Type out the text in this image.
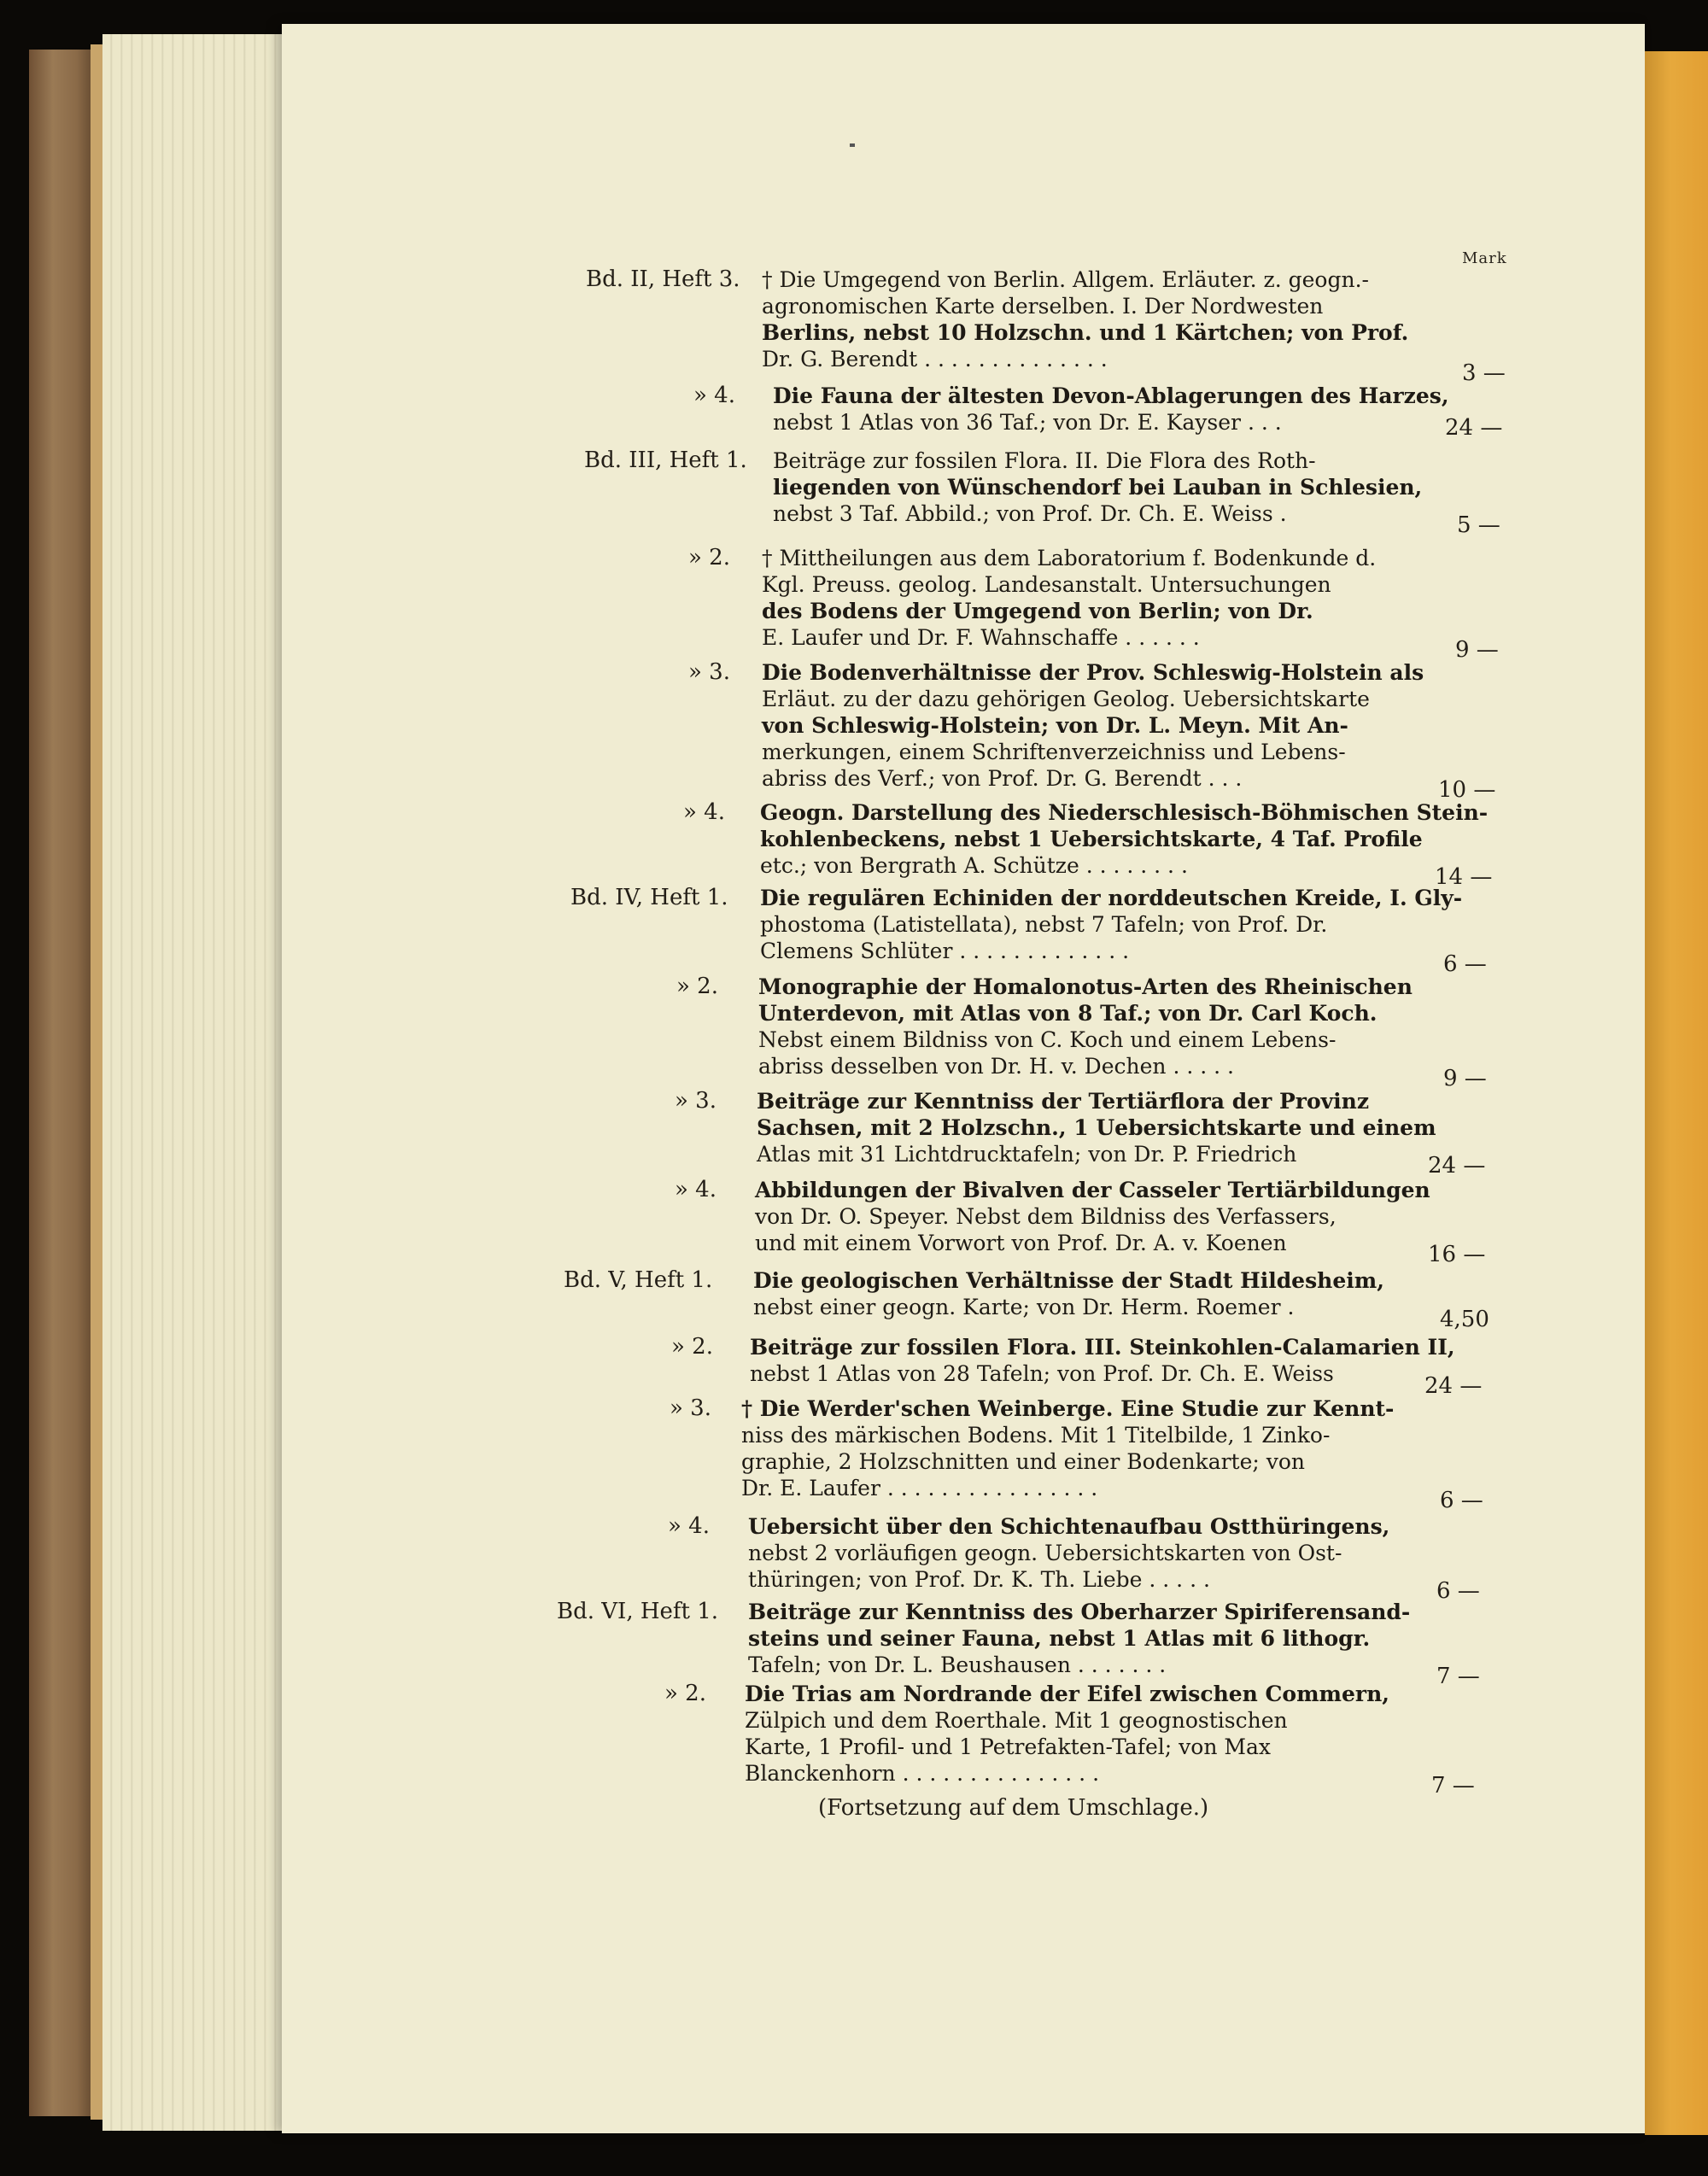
Mark
Bd. II, Heft 3. † Die Umgegend von Berlin. Allgem. Erläuter. z. geogn.-
agronomischen Karte derselben. I. Der Nordwesten
Berlins, nebst 10 Holzschn. und 1 Kärtchen; von Prof.
Dr. G. Berendt . . . . . . . . . . . . . .
3 —
» 4. Die Fauna der ältesten Devon-Ablagerungen des Harzes,
nebst 1 Atlas von 36 Taf.; von Dr. E. Kayser . . .	24 —
Bd. III, Heft 1. Beiträge zur fossilen Flora. II. Die Flora des Roth-
liegenden von Wünschendorf bei Lauban in Schlesien,
nebst 3 Taf. Abbild.; von Prof. Dr. Ch. E. Weiss .	5 —
» 2. † Mittheilungen aus dem Laboratorium f. Bodenkunde d.
Kgl. Preuss. geolog. Landesanstalt. Untersuchungen
des Bodens der Umgegend von Berlin; von Dr.
E. Laufer und Dr. F. Wahnschaffe . . . . . .	9 —
» 3. Die Bodenverhältnisse der Prov. Schleswig-Holstein als
Erläut. zu der dazu gehörigen Geolog. Uebersichtskarte
von Schleswig-Holstein; von Dr. L. Meyn. Mit An-
merkungen, einem Schriftenverzeichniss und Lebens-
abriss des Verf.; von Prof. Dr. G. Berendt . . .	10 —
» 4. Geogn. Darstellung des Niederschlesisch-Böhmischen Stein-
kohlenbeckens, nebst 1 Uebersichtskarte, 4 Taf. Profile
etc.; von Bergrath A. Schütze . . . . . . . .	14 —
Bd. IV, Heft 1. Die regulären Echiniden der norddeutschen Kreide, I. Gly-
phostoma (Latistellata), nebst 7 Tafeln; von Prof. Dr.
Clemens Schlüter . . . . . . . . . . . . .
6 —
» 2. Monographie der Homalonotus-Arten des Rheinischen
Unterdevon, mit Atlas von 8 Taf.; von Dr. Carl Koch.
Nebst einem Bildniss von C. Koch und einem Lebens-
abriss desselben von Dr. H. v. Dechen . . . . .	9 —
» 3. Beiträge zur Kenntniss der Tertiärflora der Provinz
Sachsen, mit 2 Holzschn., 1 Uebersichtskarte und einem
Atlas mit 31 Lichtdrucktafeln; von Dr. P. Friedrich	24 —
» 4. Abbildungen der Bivalven der Casseler Tertiärbildungen
von Dr. O. Speyer. Nebst dem Bildniss des Verfassers,
und mit einem Vorwort von Prof. Dr. A. v. Koenen	16 —
Bd. V, Heft 1. Die geologischen Verhältnisse der Stadt Hildesheim,
nebst einer geogn. Karte; von Dr. Herm. Roemer .	4,50
» 2. Beiträge zur fossilen Flora. III. Steinkohlen-Calamarien II,
nebst 1 Atlas von 28 Tafeln; von Prof. Dr. Ch. E. Weiss	24 —
» 3. † Die Werder'schen Weinberge. Eine Studie zur Kennt-
niss des märkischen Bodens. Mit 1 Titelbilde, 1 Zinko-
graphie, 2 Holzschnitten und einer Bodenkarte; von
Dr. E. Laufer . . . . . . . . . . . . . . . .	6 —
» 4. Uebersicht über den Schichtenaufbau Ostthüringens,
nebst 2 vorläufigen geogn. Uebersichtskarten von Ost-
thüringen; von Prof. Dr. K. Th. Liebe . . . . .	6 —
Bd. VI, Heft 1. Beiträge zur Kenntniss des Oberharzer Spiriferensand-
steins und seiner Fauna, nebst 1 Atlas mit 6 lithogr.
Tafeln; von Dr. L. Beushausen . . . . . . .	7 —
» 2. Die Trias am Nordrande der Eifel zwischen Commern,
Zülpich und dem Roerthale. Mit 1 geognostischen
Karte, 1 Profil- und 1 Petrefakten-Tafel; von Max
Blanckenhorn . . . . . . . . . . . . . . .	7 —
(Fortsetzung auf dem Umschlage.)
